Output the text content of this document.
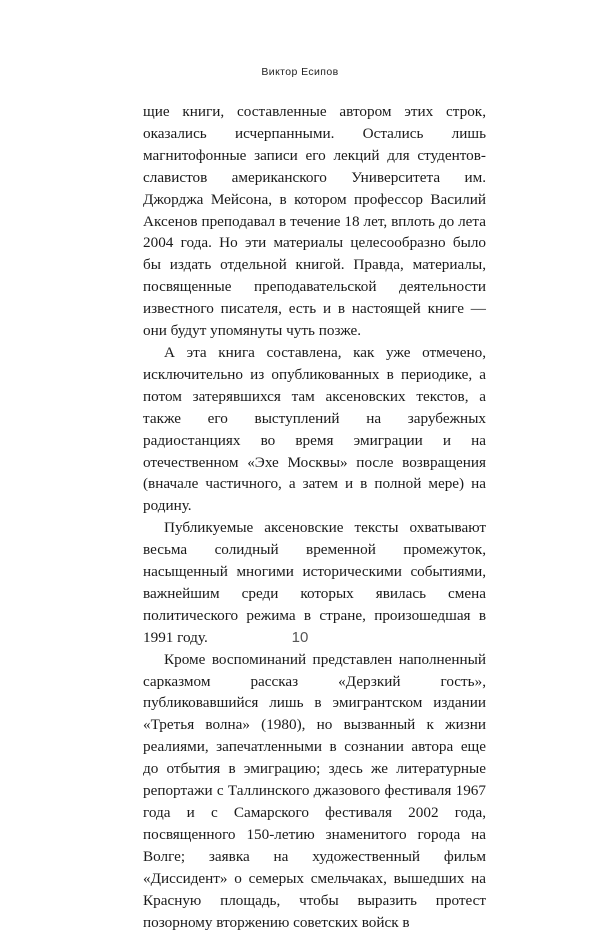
Виктор Есипов

щие книги, составленные автором этих строк, оказались исчерпанными. Остались лишь магнитофонные записи его лекций для студентов-славистов американского Университета им. Джорджа Мейсона, в котором профессор Василий Аксенов преподавал в течение 18 лет, вплоть до лета 2004 года. Но эти материалы целесообразно было бы издать отдельной книгой. Правда, материалы, посвященные преподавательской деятельности известного писателя, есть и в настоящей книге — они будут упомянуты чуть позже.

А эта книга составлена, как уже отмечено, исключительно из опубликованных в периодике, а потом затерявшихся там аксеновских текстов, а также его выступлений на зарубежных радиостанциях во время эмиграции и на отечественном «Эхе Москвы» после возвращения (вначале частичного, а затем и в полной мере) на родину.

Публикуемые аксеновские тексты охватывают весьма солидный временной промежуток, насыщенный многими историческими событиями, важнейшим среди которых явилась смена политического режима в стране, произошедшая в 1991 году.

Кроме воспоминаний представлен наполненный сарказмом рассказ «Дерзкий гость», публиковавшийся лишь в эмигрантском издании «Третья волна» (1980), но вызванный к жизни реалиями, запечатленными в сознании автора еще до отбытия в эмиграцию; здесь же литературные репортажи с Таллинского джазового фестиваля 1967 года и с Самарского фестиваля 2002 года, посвященного 150-летию знаменитого города на Волге; заявка на художественный фильм «Диссидент» о семерых смельчаках, вышедших на Красную площадь, чтобы выразить протест позорному вторжению советских войск в

10
